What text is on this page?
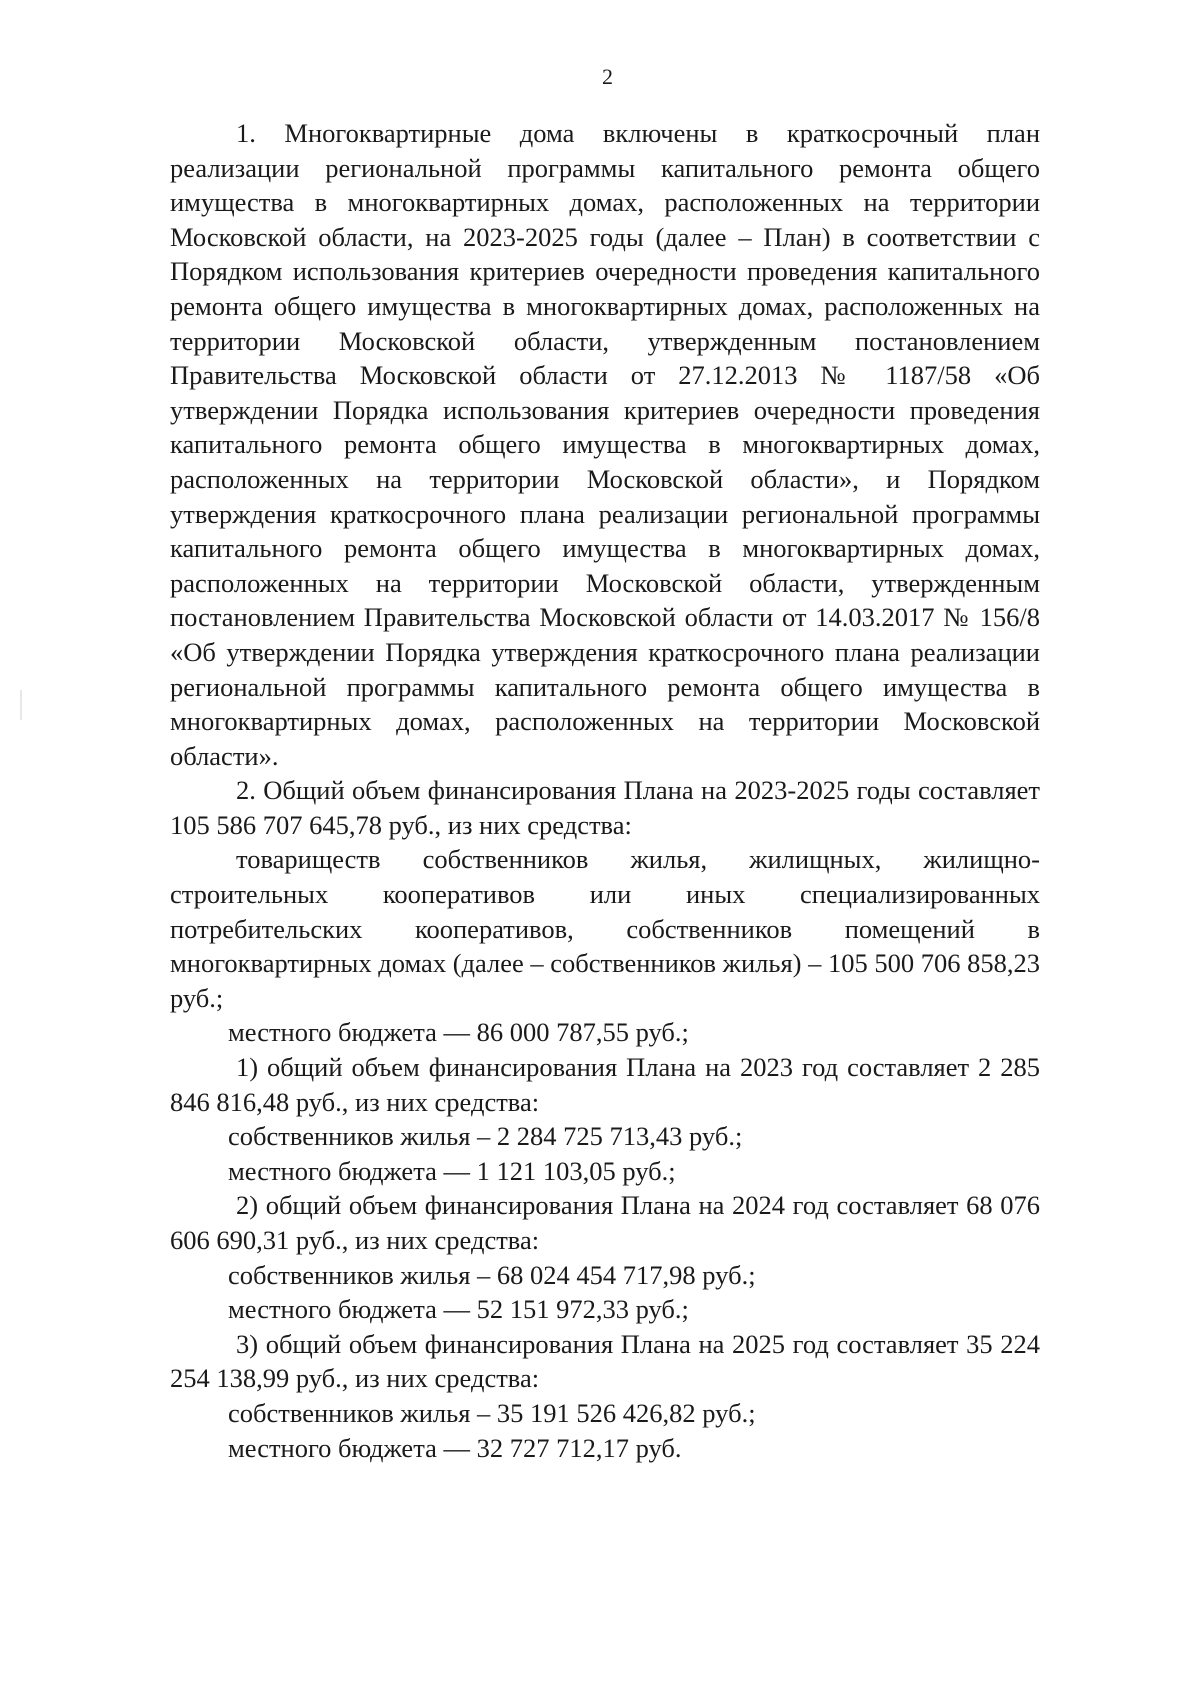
2

1. Многоквартирные дома включены в краткосрочный план реализации региональной программы капитального ремонта общего имущества в многоквартирных домах, расположенных на территории Московской области, на 2023-2025 годы (далее – План) в соответствии с Порядком использования критериев очередности проведения капитального ремонта общего имущества в многоквартирных домах, расположенных на территории Московской области, утвержденным постановлением Правительства Московской области от 27.12.2013 № 1187/58 «Об утверждении Порядка использования критериев очередности проведения капитального ремонта общего имущества в многоквартирных домах, расположенных на территории Московской области», и Порядком утверждения краткосрочного плана реализации региональной программы капитального ремонта общего имущества в многоквартирных домах, расположенных на территории Московской области, утвержденным постановлением Правительства Московской области от 14.03.2017 № 156/8 «Об утверждении Порядка утверждения краткосрочного плана реализации региональной программы капитального ремонта общего имущества в многоквартирных домах, расположенных на территории Московской области».

2. Общий объем финансирования Плана на 2023-2025 годы составляет 105 586 707 645,78 руб., из них средства:

товариществ собственников жилья, жилищных, жилищно-строительных кооперативов или иных специализированных потребительских кооперативов, собственников помещений в многоквартирных домах (далее – собственников жилья) – 105 500 706 858,23 руб.;

местного бюджета — 86 000 787,55 руб.;

1) общий объем финансирования Плана на 2023 год составляет 2 285 846 816,48 руб., из них средства:

собственников жилья – 2 284 725 713,43 руб.;

местного бюджета — 1 121 103,05 руб.;

2) общий объем финансирования Плана на 2024 год составляет 68 076 606 690,31 руб., из них средства:

собственников жилья – 68 024 454 717,98 руб.;

местного бюджета — 52 151 972,33 руб.;

3) общий объем финансирования Плана на 2025 год составляет 35 224 254 138,99 руб., из них средства:

собственников жилья – 35 191 526 426,82 руб.;

местного бюджета — 32 727 712,17 руб.
